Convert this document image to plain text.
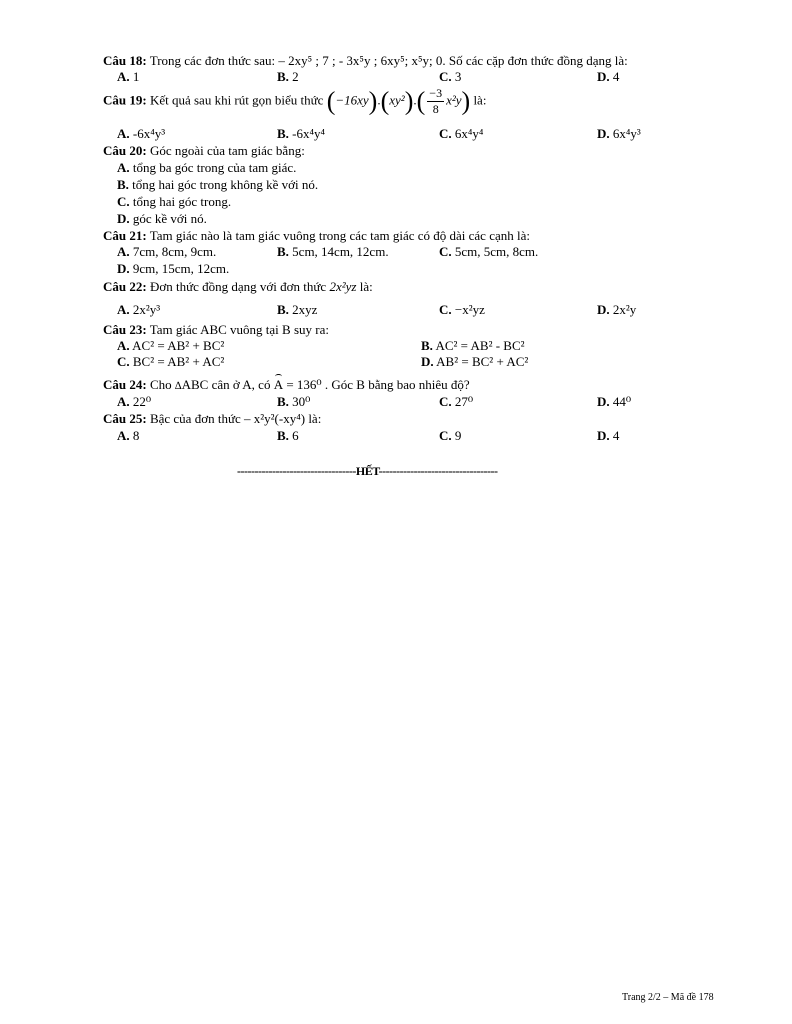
Câu 18: Trong các đơn thức sau: – 2xy⁵ ; 7 ; - 3x⁵y ; 6xy⁵; x⁵y; 0. Số các cặp đơn thức đồng dạng là:
A. 1	B. 2	C. 3	D. 4
Câu 19: Kết quả sau khi rút gọn biểu thức $(-16xy).(xy^2).( \frac{-3}{8} x^2y)$ là:
A. -6x⁴y³	B. -6x⁴y⁴	C. 6x⁴y⁴	D. 6x⁴y³
Câu 20: Góc ngoài của tam giác bằng:
A. tổng ba góc trong của tam giác.
B. tổng hai góc trong không kề với nó.
C. tổng hai góc trong.
D. góc kề với nó.
Câu 21: Tam giác nào là tam giác vuông trong các tam giác có độ dài các cạnh là:
A. 7cm, 8cm, 9cm.	B. 5cm, 14cm, 12cm.	C. 5cm, 5cm, 8cm.
D. 9cm, 15cm, 12cm.
Câu 22: Đơn thức đồng dạng với đơn thức 2x²yz là:
A. 2x²y³	B. 2xyz	C. −x²yz	D. 2x²y
Câu 23: Tam giác ABC vuông tại B suy ra:
A. AC² = AB² + BC²	B. AC² = AB² - BC²
C. BC² = AB² + AC²	D. AB² = BC² + AC²
Câu 24: Cho ∆ABC cân ở A, có A = 136⁰ . Góc B bằng bao nhiêu độ?
A. 22⁰	B. 30⁰	C. 27⁰	D. 44⁰
Câu 25: Bậc của đơn thức – x²y²(-xy⁴) là:
A. 8	B. 6	C. 9	D. 4
----------------------------------HẾT----------------------------------
Trang 2/2 – Mã đề 178
